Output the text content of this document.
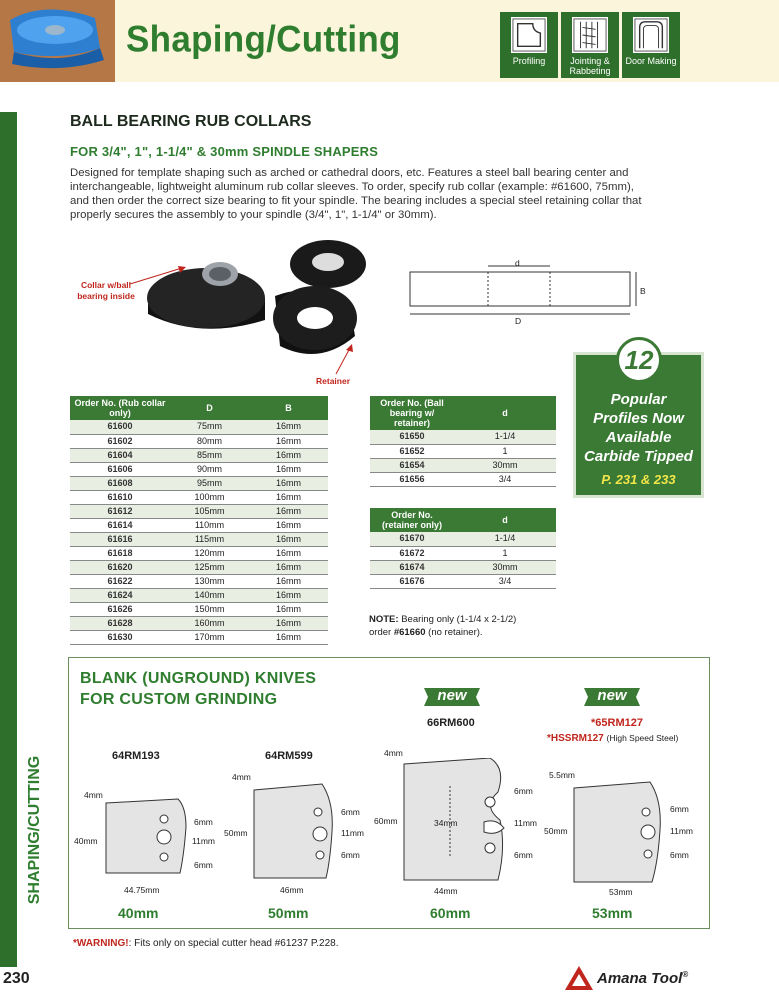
Shaping/Cutting
Profiling	Jointing & Rabbeting
Door Making
SHAPING/CUTTING
230
BALL BEARING RUB COLLARS
FOR 3/4", 1", 1-1/4" & 30mm SPINDLE SHAPERS
Designed for template shaping such as arched or cathedral doors, etc. Features a steel ball bearing center and interchangeable, lightweight aluminum rub collar sleeves. To order, specify rub collar (example: #61600, 75mm), and then order the correct size bearing to fit your spindle. The bearing includes a special steel retaining collar that properly secures the assembly to your spindle (3/4", 1", 1-1/4" or 30mm).
Collar w/ball bearing inside
Retainer
d
D
B
Order No. (Rub collar only)	D	B
61600	75mm	16mm
61602	80mm	16mm
61604	85mm	16mm
61606	90mm	16mm
61608	95mm	16mm
61610	100mm	16mm
61612	105mm	16mm
61614	110mm	16mm
61616	115mm	16mm
61618	120mm	16mm
61620	125mm	16mm
61622	130mm	16mm
61624	140mm	16mm
61626	150mm	16mm
61628	160mm	16mm
61630	170mm	16mm
Order No. (Ball bearing w/ retainer)	d
61650	1-1/4
61652	1
61654	30mm
61656	3/4
Order No. (retainer only)	d
61670	1-1/4
61672	1
61674	30mm
61676	3/4
NOTE: Bearing only (1-1/4 x 2-1/2)
order #61660 (no retainer).
12
Popular
Profiles Now
Available
Carbide Tipped
P. 231 & 233
BLANK (UNGROUND) KNIVES
FOR CUSTOM GRINDING	new	new
64RM193	64RM599
66RM600	*65RM127
*HSSRM127 (High Speed Steel)
4mm
40mm
6mm
11mm
6mm
44.75mm
40mm
4mm
50mm
6mm
11mm
6mm
46mm
50mm
4mm
60mm	34mm
6mm
11mm
6mm
44mm
60mm
5.5mm
50mm
6mm
11mm
6mm
53mm
53mm
*WARNING!: Fits only on special cutter head #61237 P.228.
Amana Tool®
